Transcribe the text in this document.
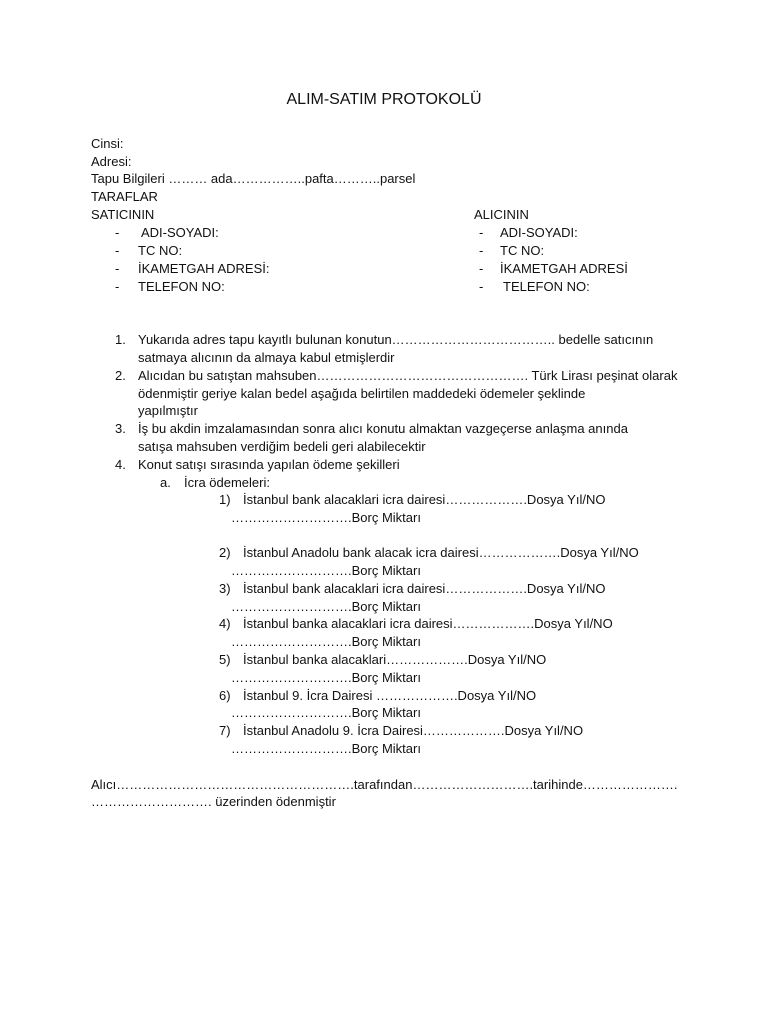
ALIM-SATIM PROTOKOLÜ
Cinsi:
Adresi:
Tapu Bilgileri ……… ada……………..pafta………..parsel
TARAFLAR
SATICININ
- ADI-SOYADI:
- TC NO:
- İKAMETGAH ADRESİ:
- TELEFON NO:
ALICININ
- ADI-SOYADI:
- TC NO:
- İKAMETGAH ADRESİ
- TELEFON NO:
1. Yukarıda adres tapu kayıtlı bulunan konutun……………………………….. bedelle satıcının
satmaya alıcının da almaya kabul etmişlerdir
2. Alıcıdan bu satıştan mahsuben…………………………………………. Türk Lirası peşinat olarak
ödenmiştir geriye kalan bedel aşağıda belirtilen maddedeki ödemeler şeklinde
yapılmıştır
3. İş bu akdin imzalamasından sonra alıcı konutu almaktan vazgeçerse anlaşma anında
satışa mahsuben verdiğim bedeli geri alabilecektir
4. Konut satışı sırasında yapılan ödeme şekilleri
a. İcra ödemeleri:
1) İstanbul bank alacaklari icra dairesi……………….Dosya Yıl/NO
……………………….Borç Miktarı
2) İstanbul Anadolu bank alacak icra dairesi……………….Dosya Yıl/NO
……………………….Borç Miktarı
3) İstanbul bank alacaklari icra dairesi……………….Dosya Yıl/NO
……………………….Borç Miktarı
4) İstanbul banka alacaklari icra dairesi……………….Dosya Yıl/NO
……………………….Borç Miktarı
5) İstanbul banka alacaklari……………….Dosya Yıl/NO
……………………….Borç Miktarı
6) İstanbul 9. İcra Dairesi ……………….Dosya Yıl/NO
……………………….Borç Miktarı
7) İstanbul Anadolu 9. İcra Dairesi……………….Dosya Yıl/NO
……………………….Borç Miktarı
Alıcı……………………………………………….tarafından……………………….tarihinde………………….
………………………. üzerinden ödenmiştir
